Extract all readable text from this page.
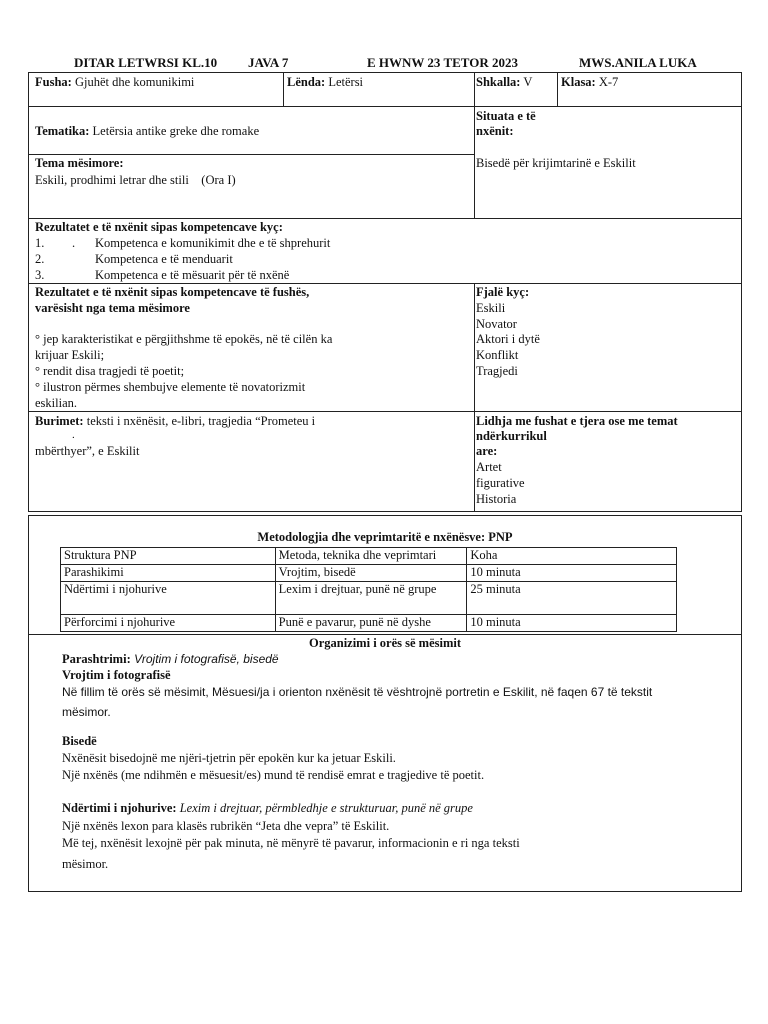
DITAR LETWRSI KL.10 JAVA 7	E HWNW 23 TETOR 2023	MWS.ANILA LUKA
Fusha: Gjuhët dhe komunikimi	Lënda: Letërsi	Shkalla: V Klasa: X-7
Tematika: Letërsia antike greke dhe romake
Situata e të
nxënit:
Bisedë për krijimtarinë e Eskilit
Tema mësimore:
Eskili, prodhimi letrar dhe stili    (Ora I)
Rezultatet e të nxënit sipas kompetencave kyç:
1. . Kompetenca e komunikimit dhe e të shprehurit
2.	Kompetenca e të menduarit
3.	Kompetenca e të mësuarit për të nxënë
Rezultatet e të nxënit sipas kompetencave të fushës,
varësisht nga tema mësimore
° jep karakteristikat e përgjithshme të epokës, në të cilën ka
krijuar Eskili;
° rendit disa tragjedi të poetit;
° ilustron përmes shembujve elemente të novatorizmit
eskilian.
Fjalë kyç:
Eskili
Novator
Aktori i dytë
Konflikt
Tragjedi
Burimet: teksti i nxënësit, e-libri, tragjedia “Prometeu i
.
mbërthyer”, e Eskilit
Lidhja me fushat e tjera ose me temat
ndërkurrikul
are:
Artet
figurative
Historia
Metodologjia dhe veprimtaritë e nxënësve: PNP
Struktura PNP	Metoda, teknika dhe veprimtari	Koha
Parashikimi	Vrojtim, bisedë	10 minuta
Ndërtimi i njohurive	Lexim i drejtuar, punë në grupe	25 minuta
Përforcimi i njohurive	Punë e pavarur, punë në dyshe	10 minuta
Organizimi i orës së mësimit
Parashtrimi: Vrojtim i fotografisë, bisedë
Vrojtim i fotografisë
Në fillim të orës së mësimit, Mësuesi/ja i orienton nxënësit të vështrojnë portretin e Eskilit, në faqen 67 të tekstit
mësimor.
Bisedë
Nxënësit bisedojnë me njëri-tjetrin për epokën kur ka jetuar Eskili.
Një nxënës (me ndihmën e mësuesit/es) mund të rendisë emrat e tragjedive të poetit.
Ndërtimi i njohurive: Lexim i drejtuar, përmbledhje e strukturuar, punë në grupe
Një nxënës lexon para klasës rubrikën “Jeta dhe vepra” të Eskilit.
Më tej, nxënësit lexojnë për pak minuta, në mënyrë të pavarur, informacionin e ri nga teksti
mësimor.
